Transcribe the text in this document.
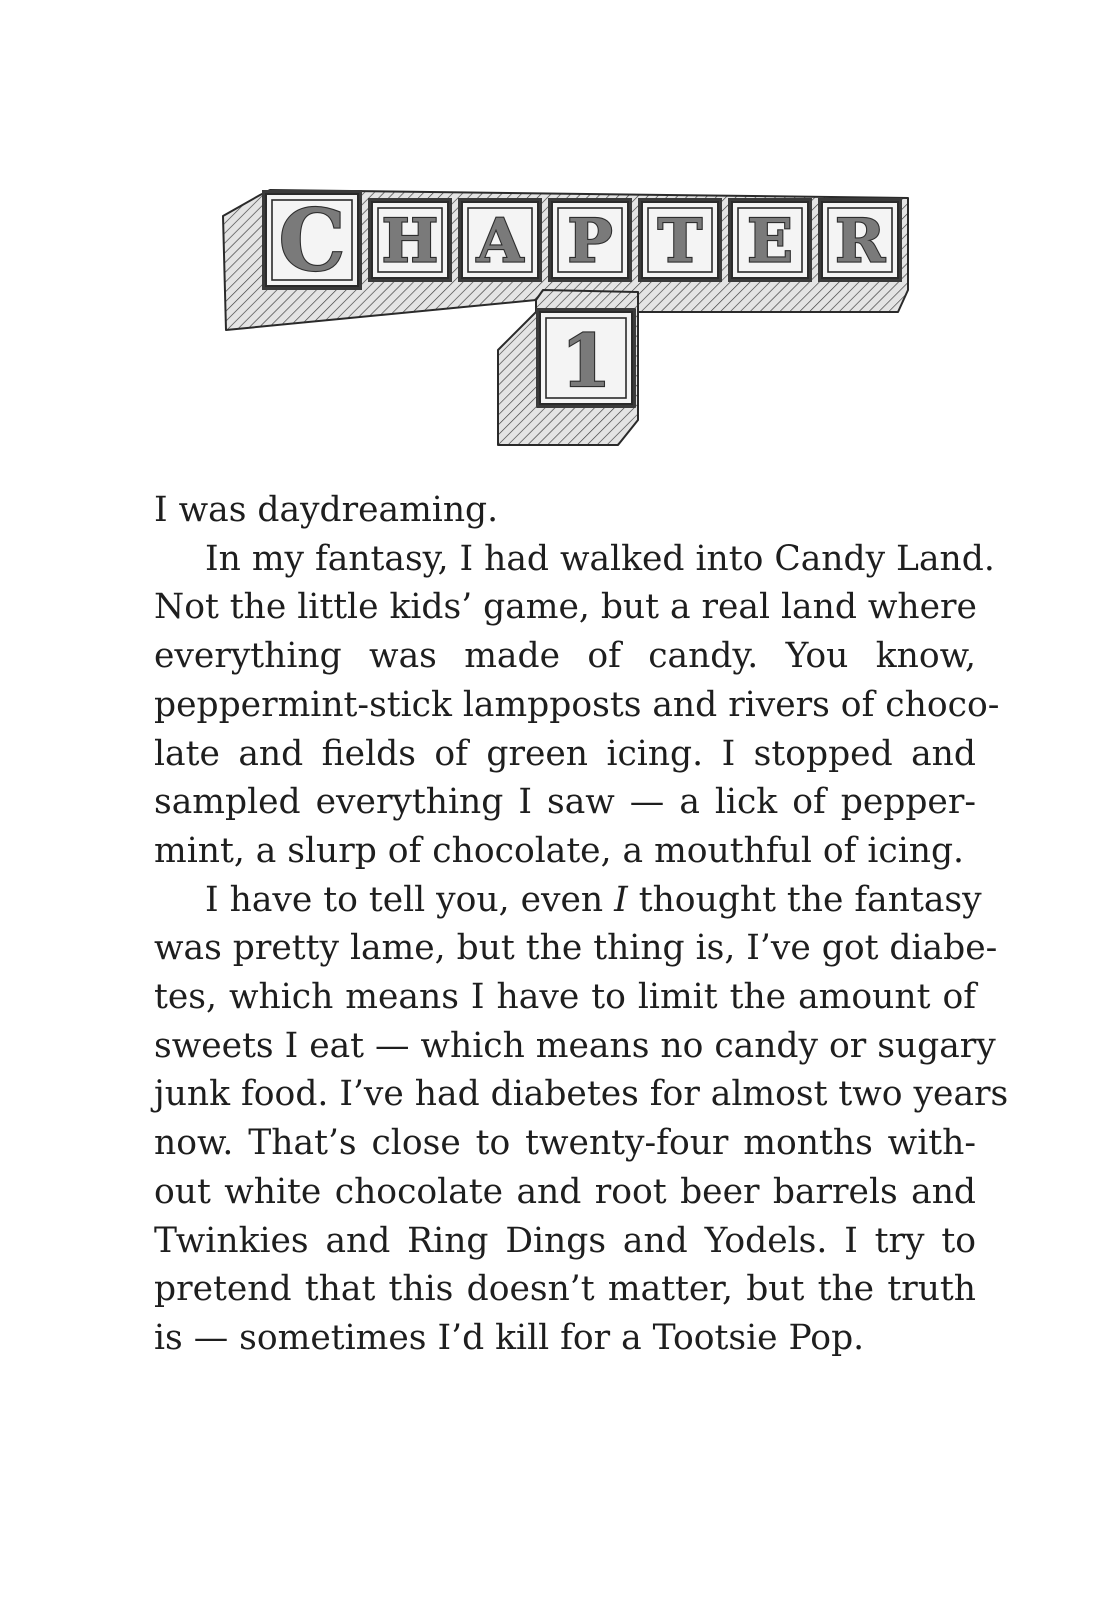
C H A P T E R
1

I was daydreaming.

In my fantasy, I had walked into Candy Land.
Not the little kids’ game, but a real land where
everything was made of candy. You know,
peppermint-stick lampposts and rivers of choco-
late and fields of green icing. I stopped and
sampled everything I saw — a lick of pepper-
mint, a slurp of chocolate, a mouthful of icing.

I have to tell you, even I thought the fantasy
was pretty lame, but the thing is, I’ve got diabe-
tes, which means I have to limit the amount of
sweets I eat — which means no candy or sugary
junk food. I’ve had diabetes for almost two years
now. That’s close to twenty-four months with-
out white chocolate and root beer barrels and
Twinkies and Ring Dings and Yodels. I try to
pretend that this doesn’t matter, but the truth
is — sometimes I’d kill for a Tootsie Pop.
